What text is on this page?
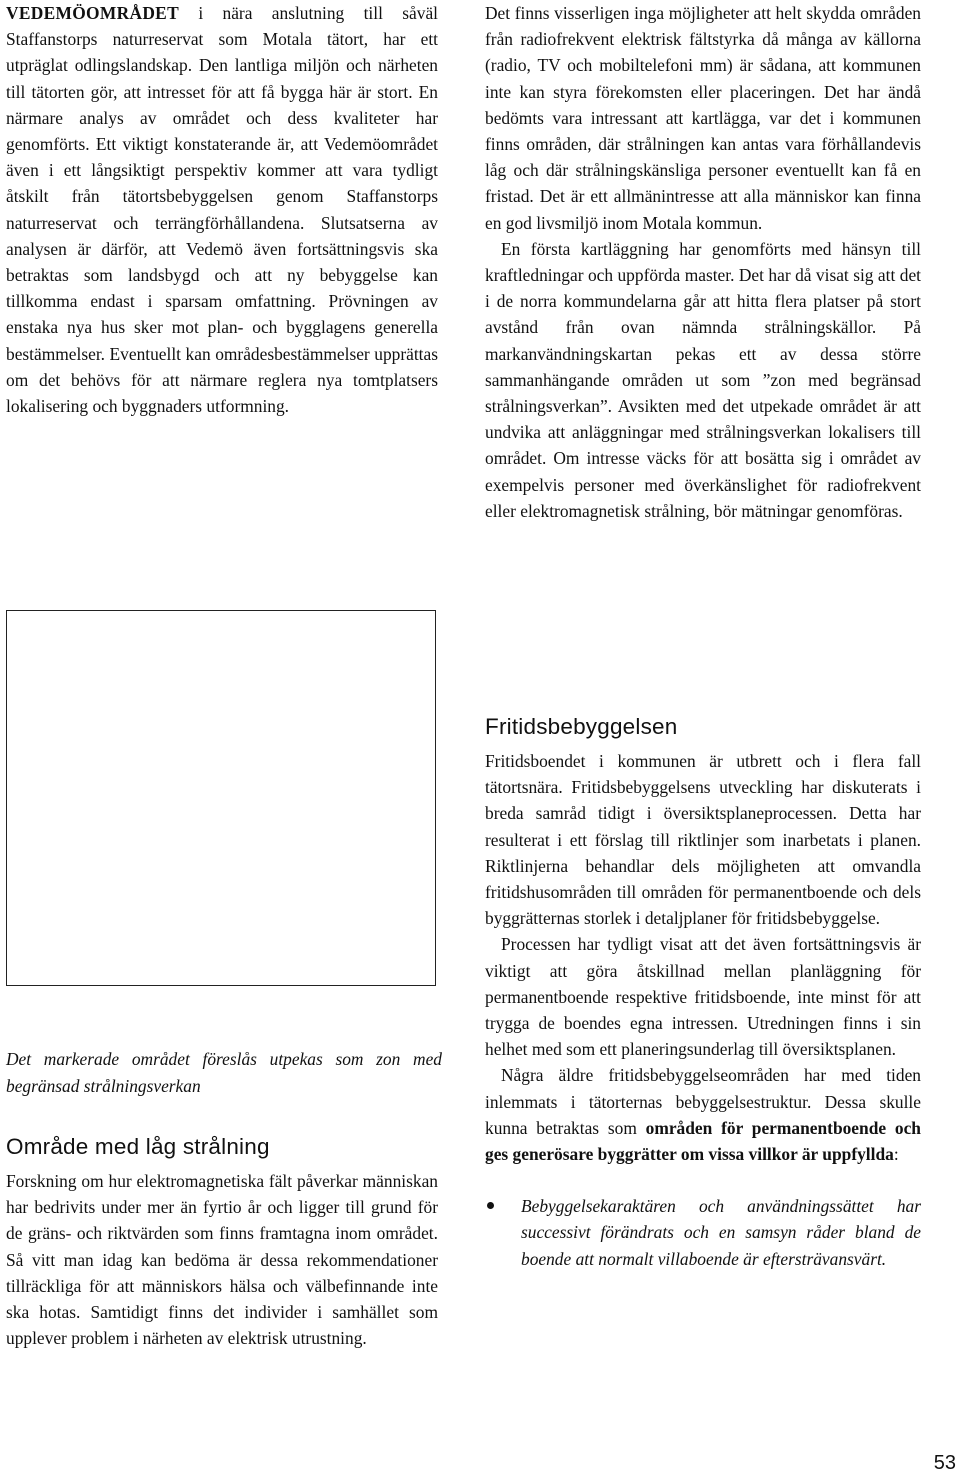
VEDEMÖOMRÅDET i nära anslutning till såväl Staffanstorps naturreservat som Motala tätort, har ett utpräglat odlingslandskap. Den lantliga miljön och närheten till tätorten gör, att intresset för att få bygga här är stort. En närmare analys av området och dess kvaliteter har genomförts. Ett viktigt konstaterande är, att Vedemöområdet även i ett långsiktigt perspektiv kommer att vara tydligt åtskilt från tätortsbebyggelsen genom Staffanstorps naturreservat och terrängförhållandena. Slutsatserna av analysen är därför, att Vedemö även fortsättningsvis ska betraktas som landsbygd och att ny bebyggelse kan tillkomma endast i sparsam omfattning. Prövningen av enstaka nya hus sker mot plan- och bygglagens generella bestämmelser. Eventuellt kan områdesbestämmelser upprättas om det behövs för att närmare reglera nya tomtplatsers lokalisering och byggnaders utformning.

Det finns visserligen inga möjligheter att helt skydda områden från radiofrekvent elektrisk fältstyrka då många av källorna (radio, TV och mobiltelefoni mm) är sådana, att kommunen inte kan styra förekomsten eller placeringen. Det har ändå bedömts vara intressant att kartlägga, var det i kommunen finns områden, där strålningen kan antas vara förhållandevis låg och där strålningskänsliga personer eventuellt kan få en fristad. Det är ett allmänintresse att alla människor kan finna en god livsmiljö inom Motala kommun.

En första kartläggning har genomförts med hänsyn till kraftledningar och uppförda master. Det har då visat sig att det i de norra kommundelarna går att hitta flera platser på stort avstånd från ovan nämnda strålningskällor. På markanvändningskartan pekas ett av dessa större sammanhängande områden ut som ”zon med begränsad strålningsverkan”. Avsikten med det utpekade området är att undvika att anläggningar med strålningsverkan lokalisers till området. Om intresse väcks för att bosätta sig i området av exempelvis personer med överkänslighet för radiofrekvent eller elektromagnetisk strålning, bör mätningar genomföras.

Det markerade området föreslås utpekas som zon med begränsad strålningsverkan

Område med låg strålning

Forskning om hur elektromagnetiska fält påverkar människan har bedrivits under mer än fyrtio år och ligger till grund för de gräns- och riktvärden som finns framtagna inom området. Så vitt man idag kan bedöma är dessa rekommendationer tillräckliga för att människors hälsa och välbefinnande inte ska hotas. Samtidigt finns det individer i samhället som upplever problem i närheten av elektrisk utrustning.

Fritidsbebyggelsen

Fritidsboendet i kommunen är utbrett och i flera fall tätortsnära. Fritidsbebyggelsens utveckling har diskuterats i breda samråd tidigt i översiktsplaneprocessen. Detta har resulterat i ett förslag till riktlinjer som inarbetats i planen. Riktlinjerna behandlar dels möjligheten att omvandla fritidshusområden till områden för permanentboende och dels byggrätternas storlek i detaljplaner för fritidsbebyggelse.

Processen har tydligt visat att det även fortsättningsvis är viktigt att göra åtskillnad mellan planläggning för permanentboende respektive fritidsboende, inte minst för att trygga de boendes egna intressen. Utredningen finns i sin helhet med som ett planeringsunderlag till översiktsplanen.

Några äldre fritidsbebyggelseområden har med tiden inlemmats i tätorternas bebyggelsestruktur. Dessa skulle kunna betraktas som områden för permanentboende och ges generösare byggrätter om vissa villkor är uppfyllda:

Bebyggelsekaraktären och användningssättet har successivt förändrats och en samsyn råder bland de boende att normalt villaboende är eftersträvansvärt.
53
